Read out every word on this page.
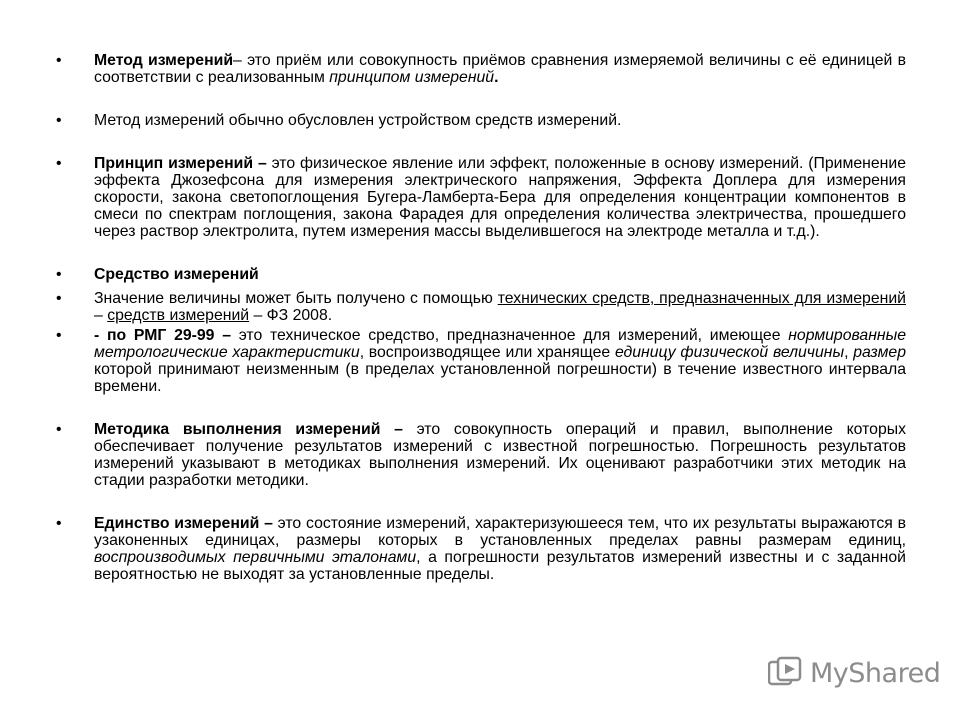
• Метод измерений– это приём или совокупность приёмов сравнения измеряемой величины с её единицей в соответствии с реализованным принципом измерений.
• Метод измерений обычно обусловлен устройством средств измерений.
• Принцип измерений – это физическое явление или эффект, положенные в основу измерений. (Применение эффекта Джозефсона для измерения электрического напряжения, Эффекта Доплера для измерения скорости, закона светопоглощения Бугера-Ламберта-Бера для определения концентрации компонентов в смеси по спектрам поглощения, закона Фарадея для определения количества электричества, прошедшего через раствор электролита, путем измерения массы выделившегося на электроде металла и т.д.).
• Средство измерений
• Значение величины может быть получено с помощью технических средств, предназначенных для измерений – средств измерений – ФЗ 2008.
• - по РМГ 29-99 – это техническое средство, предназначенное для измерений, имеющее нормированные метрологические характеристики, воспроизводящее или хранящее единицу физической величины, размер которой принимают неизменным (в пределах установленной погрешности) в течение известного интервала времени.
• Методика выполнения измерений – это совокупность операций и правил, выполнение которых обеспечивает получение результатов измерений с известной погрешностью. Погрешность результатов измерений указывают в методиках выполнения измерений. Их оценивают разработчики этих методик на стадии разработки методики.
• Единство измерений – это состояние измерений, характеризуюшееся тем, что их результаты выражаются в узаконенных единицах, размеры которых в установленных пределах равны размерам единиц, воспроизводимых первичными эталонами, а погрешности результатов измерений известны и с заданной вероятностью не выходят за установленные пределы.
MyShared
